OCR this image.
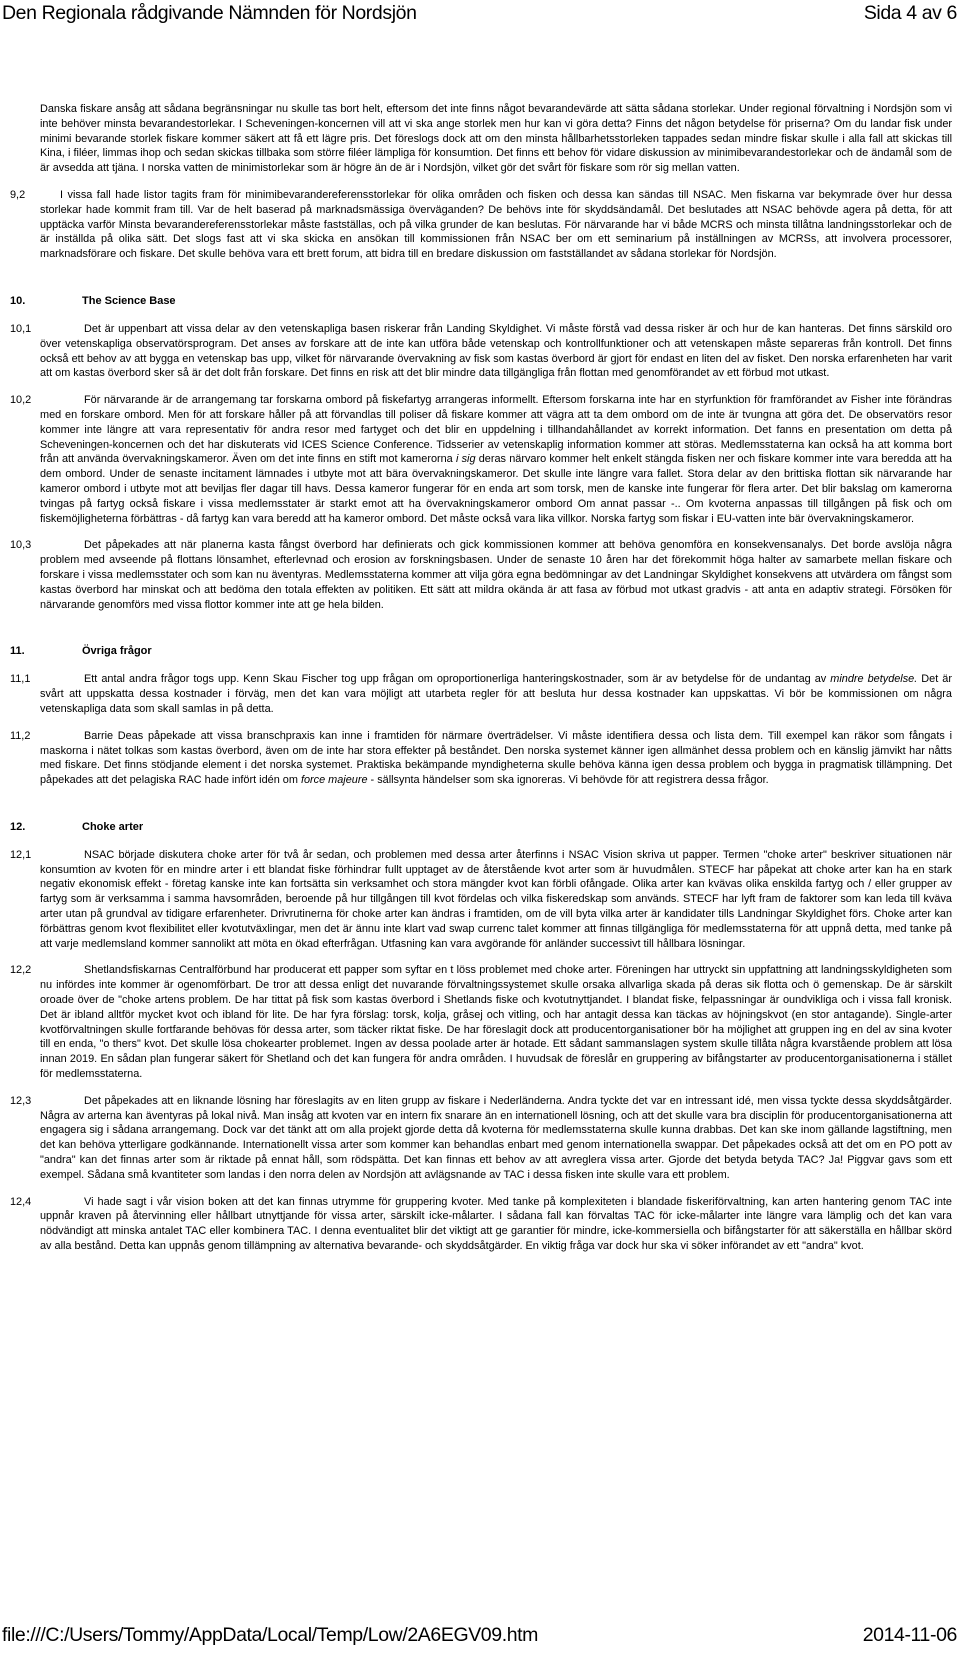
Den Regionala rådgivande Nämnden för Nordsjön	Sida 4 av 6

Danska fiskare ansåg att sådana begränsningar nu skulle tas bort helt, eftersom det inte finns något bevarandevärde att sätta sådana storlekar. Under regional förvaltning i Nordsjön som vi inte behöver minsta bevarandestorlekar. I Scheveningen-koncernen vill att vi ska ange storlek men hur kan vi göra detta? Finns det någon betydelse för priserna? Om du landar fisk under minimi bevarande storlek fiskare kommer säkert att få ett lägre pris. Det föreslogs dock att om den minsta hållbarhetsstorleken tappades sedan mindre fiskar skulle i alla fall att skickas till Kina, i filéer, limmas ihop och sedan skickas tillbaka som större filéer lämpliga för konsumtion. Det finns ett behov för vidare diskussion av minimibevarandestorlekar och de ändamål som de är avsedda att tjäna. I norska vatten de minimistorlekar som är högre än de är i Nordsjön, vilket gör det svårt för fiskare som rör sig mellan vatten.

9,2	I vissa fall hade listor tagits fram för minimibevarandereferensstorlekar för olika områden och fisken och dessa kan sändas till NSAC. Men fiskarna var bekymrade över hur dessa storlekar hade kommit fram till. Var de helt baserad på marknadsmässiga överväganden? De behövs inte för skyddsändamål. Det beslutades att NSAC behövde agera på detta, för att upptäcka varför Minsta bevarandereferensstorlekar måste fastställas, och på vilka grunder de kan beslutas. För närvarande har vi både MCRS och minsta tillåtna landningsstorlekar och de är inställda på olika sätt. Det slogs fast att vi ska skicka en ansökan till kommissionen från NSAC ber om ett seminarium på inställningen av MCRSs, att involvera processorer, marknadsförare och fiskare. Det skulle behöva vara ett brett forum, att bidra till en bredare diskussion om fastställandet av sådana storlekar för Nordsjön.

10.	The Science Base
10,1	Det är uppenbart att vissa delar av den vetenskapliga basen riskerar från Landing Skyldighet. Vi måste förstå vad dessa risker är och hur de kan hanteras. Det finns särskild oro över vetenskapliga observatörsprogram. Det anses av forskare att de inte kan utföra både vetenskap och kontrollfunktioner och att vetenskapen måste separeras från kontroll. Det finns också ett behov av att bygga en vetenskap bas upp, vilket för närvarande övervakning av fisk som kastas överbord är gjort för endast en liten del av fisket. Den norska erfarenheten har varit att om kastas överbord sker så är det dolt från forskare. Det finns en risk att det blir mindre data tillgängliga från flottan med genomförandet av ett förbud mot utkast.

10,2	För närvarande är de arrangemang tar forskarna ombord på fiskefartyg arrangeras informellt. Eftersom forskarna inte har en styrfunktion för framförandet av Fisher inte förändras med en forskare ombord. Men för att forskare håller på att förvandlas till poliser då fiskare kommer att vägra att ta dem ombord om de inte är tvungna att göra det. De observatörs resor kommer inte längre att vara representativ för andra resor med fartyget och det blir en uppdelning i tillhandahållandet av korrekt information. Det fanns en presentation om detta på Scheveningen-koncernen och det har diskuterats vid ICES Science Conference. Tidsserier av vetenskaplig information kommer att störas. Medlemsstaterna kan också ha att komma bort från att använda övervakningskameror. Även om det inte finns en stift mot kamerorna i sig deras närvaro kommer helt enkelt stängda fisken ner och fiskare kommer inte vara beredda att ha dem ombord. Under de senaste incitament lämnades i utbyte mot att bära övervakningskameror. Det skulle inte längre vara fallet. Stora delar av den brittiska flottan sik närvarande har kameror ombord i utbyte mot att beviljas fler dagar till havs. Dessa kameror fungerar för en enda art som torsk, men de kanske inte fungerar för flera arter. Det blir bakslag om kamerorna tvingas på fartyg också fiskare i vissa medlemsstater är starkt emot att ha övervakningskameror ombord Om annat passar -.. Om kvoterna anpassas till tillgången på fisk och om fiskemöjligheterna förbättras - då fartyg kan vara beredd att ha kameror ombord. Det måste också vara lika villkor. Norska fartyg som fiskar i EU-vatten inte bär övervakningskameror.

10,3	Det påpekades att när planerna kasta fångst överbord har definierats och gick kommissionen kommer att behöva genomföra en konsekvensanalys. Det borde avslöja några problem med avseende på flottans lönsamhet, efterlevnad och erosion av forskningsbasen. Under de senaste 10 åren har det förekommit höga halter av samarbete mellan fiskare och forskare i vissa medlemsstater och som kan nu äventyras. Medlemsstaterna kommer att vilja göra egna bedömningar av det Landningar Skyldighet konsekvens att utvärdera om fångst som kastas överbord har minskat och att bedöma den totala effekten av politiken. Ett sätt att mildra okända är att fasa av förbud mot utkast gradvis - att anta en adaptiv strategi. Försöken för närvarande genomförs med vissa flottor kommer inte att ge hela bilden.

11.	Övriga frågor
11,1	Ett antal andra frågor togs upp. Kenn Skau Fischer tog upp frågan om oproportionerliga hanteringskostnader, som är av betydelse för de undantag av mindre betydelse. Det är svårt att uppskatta dessa kostnader i förväg, men det kan vara möjligt att utarbeta regler för att besluta hur dessa kostnader kan uppskattas. Vi bör be kommissionen om några vetenskapliga data som skall samlas in på detta.

11,2	Barrie Deas påpekade att vissa branschpraxis kan inne i framtiden för närmare överträdelser. Vi måste identifiera dessa och lista dem. Till exempel kan räkor som fångats i maskorna i nätet tolkas som kastas överbord, även om de inte har stora effekter på beståndet. Den norska systemet känner igen allmänhet dessa problem och en känslig jämvikt har nåtts med fiskare. Det finns stödjande element i det norska systemet. Praktiska bekämpande myndigheterna skulle behöva känna igen dessa problem och bygga in pragmatisk tillämpning. Det påpekades att det pelagiska RAC hade infört idén om force majeure - sällsynta händelser som ska ignoreras. Vi behövde för att registrera dessa frågor.

12.	Choke arter
12,1	NSAC började diskutera choke arter för två år sedan, och problemen med dessa arter återfinns i NSAC Vision skriva ut papper. Termen "choke arter" beskriver situationen när konsumtion av kvoten för en mindre arter i ett blandat fiske förhindrar fullt upptaget av de återstående kvot arter som är huvudmålen. STECF har påpekat att choke arter kan ha en stark negativ ekonomisk effekt - företag kanske inte kan fortsätta sin verksamhet och stora mängder kvot kan förbli ofångade. Olika arter kan kvävas olika enskilda fartyg och / eller grupper av fartyg som är verksamma i samma havsområden, beroende på hur tillgången till kvot fördelas och vilka fiskeredskap som används. STECF har lyft fram de faktorer som kan leda till kväva arter utan på grundval av tidigare erfarenheter. Drivrutinerna för choke arter kan ändras i framtiden, om de vill byta vilka arter är kandidater tills Landningar Skyldighet förs. Choke arter kan förbättras genom kvot flexibilitet eller kvotutväxlingar, men det är ännu inte klart vad swap currenc talet kommer att finnas tillgängliga för medlemsstaterna för att uppnå detta, med tanke på att varje medlemsland kommer sannolikt att möta en ökad efterfrågan. Utfasning kan vara avgörande för anländer successivt till hållbara lösningar.

12,2	Shetlandsfiskarnas Centralförbund har producerat ett papper som syftar en t löss problemet med choke arter. Föreningen har uttryckt sin uppfattning att landningsskyldigheten som nu infördes inte kommer är ogenomförbart. De tror att dessa enligt det nuvarande förvaltningssystemet skulle orsaka allvarliga skada på deras sik flotta och ö gemenskap. De är särskilt oroade över de "choke artens problem. De har tittat på fisk som kastas överbord i Shetlands fiske och kvotutnyttjandet. I blandat fiske, felpassningar är oundvikliga och i vissa fall kronisk. Det är ibland alltför mycket kvot och ibland för lite. De har fyra förslag: torsk, kolja, gråsej och vitling, och har antagit dessa kan täckas av höjningskvot (en stor antagande). Single-arter kvotförvaltningen skulle fortfarande behövas för dessa arter, som täcker riktat fiske. De har föreslagit dock att producentorganisationer bör ha möjlighet att gruppen ing en del av sina kvoter till en enda, "o thers" kvot. Det skulle lösa chokearter problemet. Ingen av dessa poolade arter är hotade. Ett sådant sammanslagen system skulle tillåta några kvarstående problem att lösa innan 2019. En sådan plan fungerar säkert för Shetland och det kan fungera för andra områden. I huvudsak de föreslår en gruppering av bifångstarter av producentorganisationerna i stället för medlemsstaterna.

12,3	Det påpekades att en liknande lösning har föreslagits av en liten grupp av fiskare i Nederländerna. Andra tyckte det var en intressant idé, men vissa tyckte dessa skyddsåtgärder. Några av arterna kan äventyras på lokal nivå. Man insåg att kvoten var en intern fix snarare än en internationell lösning, och att det skulle vara bra disciplin för producentorganisationerna att engagera sig i sådana arrangemang. Dock var det tänkt att om alla projekt gjorde detta då kvoterna för medlemsstaterna skulle kunna drabbas. Det kan ske inom gällande lagstiftning, men det kan behöva ytterligare godkännande. Internationellt vissa arter som kommer kan behandlas enbart med genom internationella swappar. Det påpekades också att det om en PO pott av "andra" kan det finnas arter som är riktade på ennat håll, som rödspätta. Det kan finnas ett behov av att avreglera vissa arter. Gjorde det betyda betyda TAC? Ja! Piggvar gavs som ett exempel. Sådana små kvantiteter som landas i den norra delen av Nordsjön att avlägsnande av TAC i dessa fisken inte skulle vara ett problem.

12,4	Vi hade sagt i vår vision boken att det kan finnas utrymme för gruppering kvoter. Med tanke på komplexiteten i blandade fiskeriförvaltning, kan arten hantering genom TAC inte uppnår kraven på återvinning eller hållbart utnyttjande för vissa arter, särskilt icke-målarter. I sådana fall kan förvaltas TAC för icke-målarter inte längre vara lämplig och det kan vara nödvändigt att minska antalet TAC eller kombinera TAC. I denna eventualitet blir det viktigt att ge garantier för mindre, icke-kommersiella och bifångstarter för att säkerställa en hållbar skörd av alla bestånd. Detta kan uppnås genom tillämpning av alternativa bevarande- och skyddsåtgärder. En viktig fråga var dock hur ska vi söker införandet av ett "andra" kvot.

file:///C:/Users/Tommy/AppData/Local/Temp/Low/2A6EGV09.htm	2014-11-06
